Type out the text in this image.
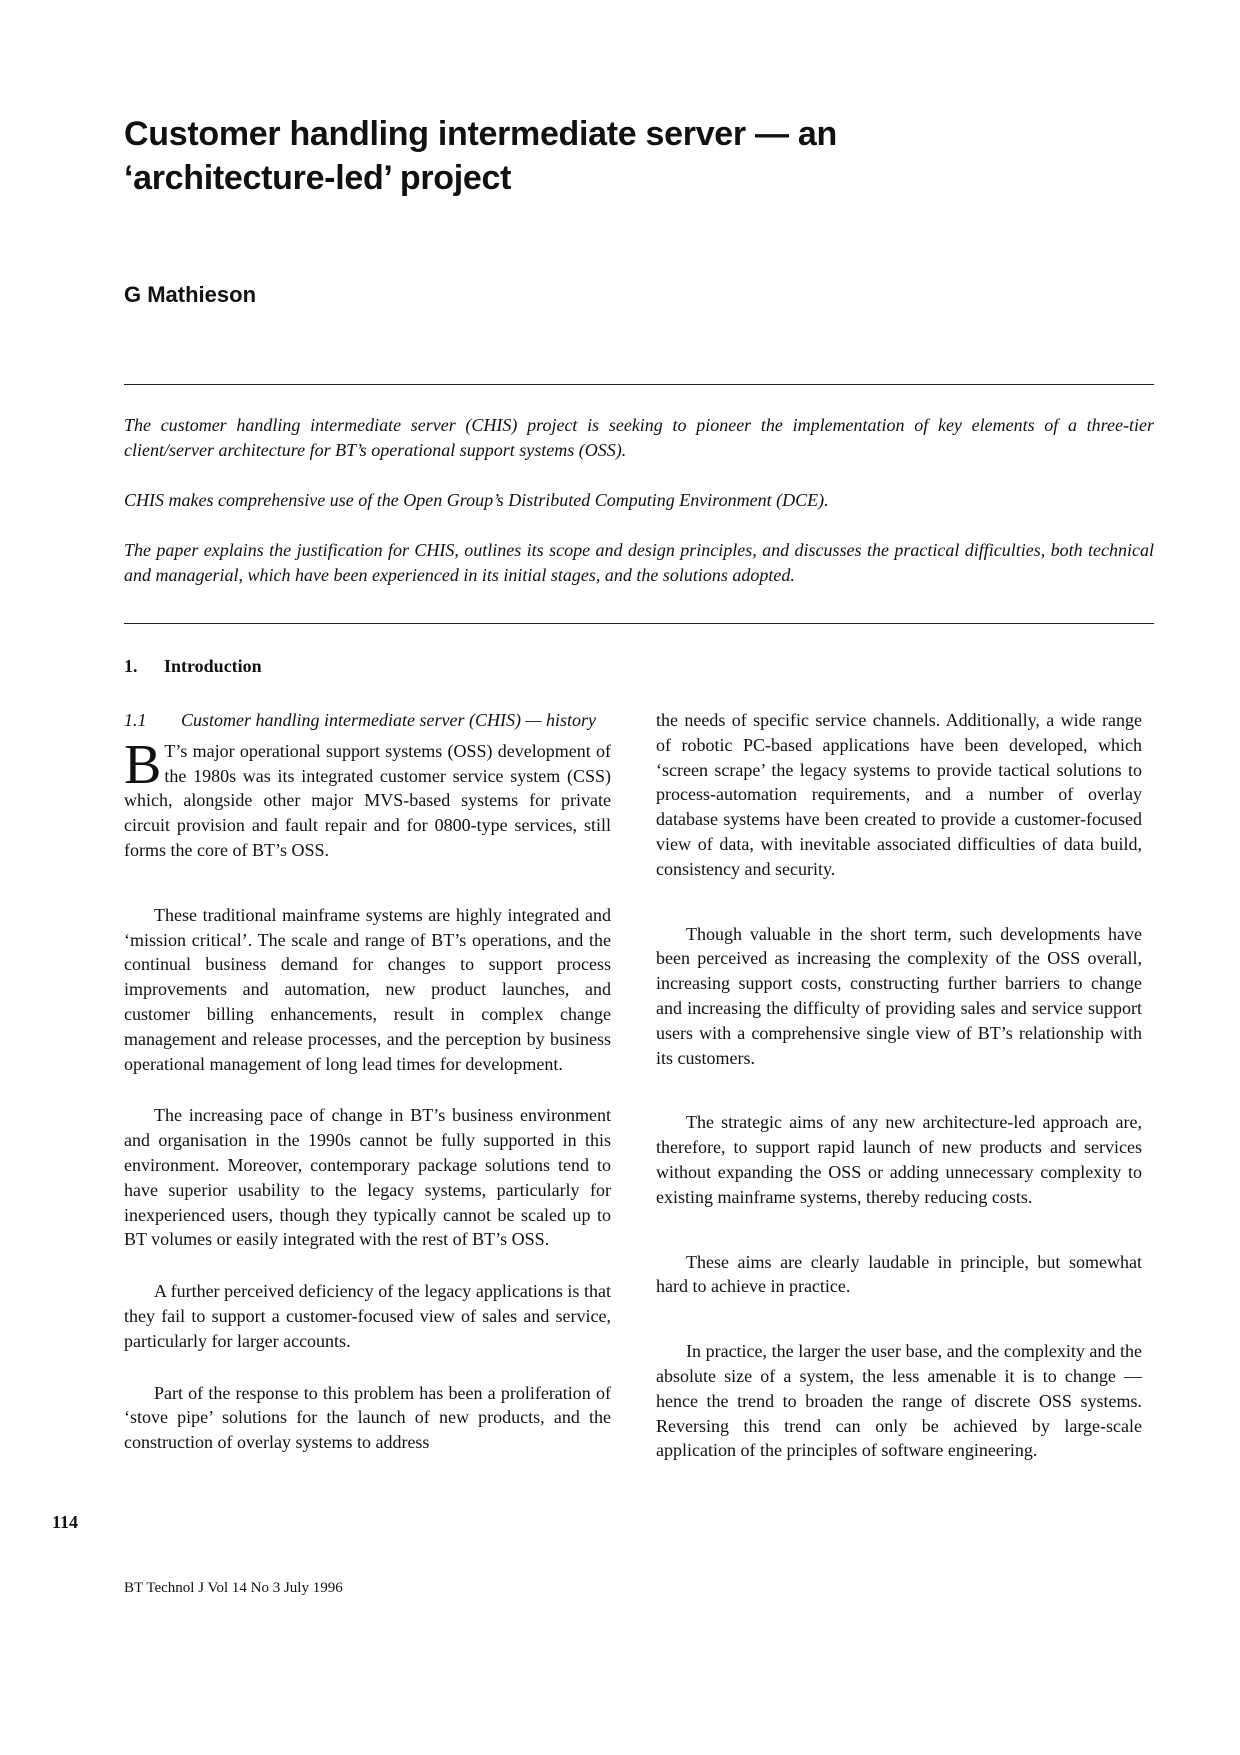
Customer handling intermediate server — an ‘architecture-led’ project
G Mathieson

The customer handling intermediate server (CHIS) project is seeking to pioneer the implementation of key elements of a three-tier client/server architecture for BT’s operational support systems (OSS).

CHIS makes comprehensive use of the Open Group’s Distributed Computing Environment (DCE).

The paper explains the justification for CHIS, outlines its scope and design principles, and discusses the practical difficulties, both technical and managerial, which have been experienced in its initial stages, and the solutions adopted.

1. Introduction
1.1	Customer handling intermediate server (CHIS) — history

B T’s major operational support systems (OSS) development of the 1980s was its integrated customer service system (CSS) which, alongside other major MVS-based systems for private circuit provision and fault repair and for 0800-type services, still forms the core of BT’s OSS.

These traditional mainframe systems are highly integrated and ‘mission critical’. The scale and range of BT’s operations, and the continual business demand for changes to support process improvements and automation, new product launches, and customer billing enhancements, result in complex change management and release processes, and the perception by business operational management of long lead times for development.

The increasing pace of change in BT’s business environment and organisation in the 1990s cannot be fully supported in this environment. Moreover, contemporary package solutions tend to have superior usability to the legacy systems, particularly for inexperienced users, though they typically cannot be scaled up to BT volumes or easily integrated with the rest of BT’s OSS.

A further perceived deficiency of the legacy applications is that they fail to support a customer-focused view of sales and service, particularly for larger accounts.

Part of the response to this problem has been a proliferation of ‘stove pipe’ solutions for the launch of new products, and the construction of overlay systems to address

the needs of specific service channels. Additionally, a wide range of robotic PC-based applications have been developed, which ‘screen scrape’ the legacy systems to provide tactical solutions to process-automation requirements, and a number of overlay database systems have been created to provide a customer-focused view of data, with inevitable associated difficulties of data build, consistency and security.

Though valuable in the short term, such developments have been perceived as increasing the complexity of the OSS overall, increasing support costs, constructing further barriers to change and increasing the difficulty of providing sales and service support users with a comprehensive single view of BT’s relationship with its customers.

The strategic aims of any new architecture-led approach are, therefore, to support rapid launch of new products and services without expanding the OSS or adding unnecessary complexity to existing mainframe systems, thereby reducing costs.

These aims are clearly laudable in principle, but somewhat hard to achieve in practice.

In practice, the larger the user base, and the complexity and the absolute size of a system, the less amenable it is to change — hence the trend to broaden the range of discrete OSS systems. Reversing this trend can only be achieved by large-scale application of the principles of software engineering.

114
BT Technol J Vol 14 No 3 July 1996
